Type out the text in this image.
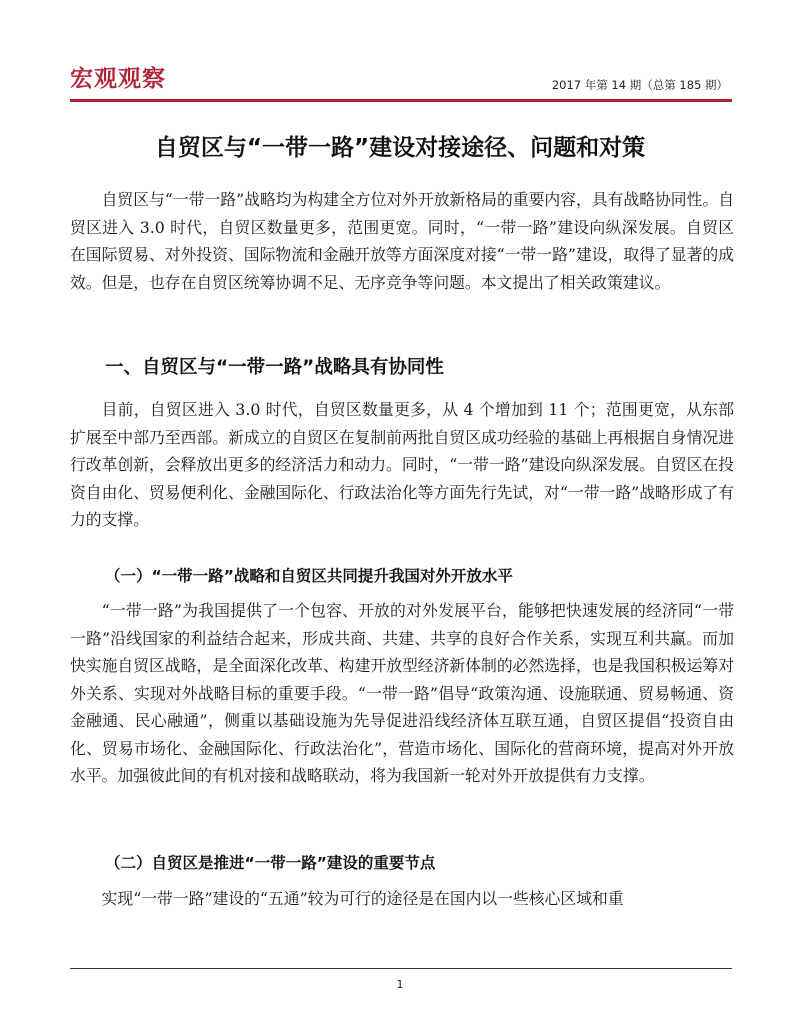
宏观观察	2017 年第 14 期（总第 185 期）
自贸区与“一带一路”建设对接途径、问题和对策

自贸区与“一带一路”战略均为构建全方位对外开放新格局的重要内容，具有战略协同性。自贸区进入 3.0 时代，自贸区数量更多，范围更宽。同时，“一带一路”建设向纵深发展。自贸区在国际贸易、对外投资、国际物流和金融开放等方面深度对接“一带一路”建设，取得了显著的成效。但是，也存在自贸区统筹协调不足、无序竞争等问题。本文提出了相关政策建议。

一、自贸区与“一带一路”战略具有协同性

目前，自贸区进入 3.0 时代，自贸区数量更多，从 4 个增加到 11 个；范围更宽，从东部扩展至中部乃至西部。新成立的自贸区在复制前两批自贸区成功经验的基础上再根据自身情况进行改革创新，会释放出更多的经济活力和动力。同时，“一带一路”建设向纵深发展。自贸区在投资自由化、贸易便利化、金融国际化、行政法治化等方面先行先试，对“一带一路”战略形成了有力的支撑。

（一）“一带一路”战略和自贸区共同提升我国对外开放水平

“一带一路”为我国提供了一个包容、开放的对外发展平台，能够把快速发展的经济同“一带一路”沿线国家的利益结合起来，形成共商、共建、共享的良好合作关系，实现互利共赢。而加快实施自贸区战略，是全面深化改革、构建开放型经济新体制的必然选择，也是我国积极运筹对外关系、实现对外战略目标的重要手段。“一带一路”倡导“政策沟通、设施联通、贸易畅通、资金融通、民心融通”，侧重以基础设施为先导促进沿线经济体互联互通，自贸区提倡“投资自由化、贸易市场化、金融国际化、行政法治化”，营造市场化、国际化的营商环境，提高对外开放水平。加强彼此间的有机对接和战略联动，将为我国新一轮对外开放提供有力支撑。

（二）自贸区是推进“一带一路”建设的重要节点

实现“一带一路”建设的“五通”较为可行的途径是在国内以一些核心区域和重

1
